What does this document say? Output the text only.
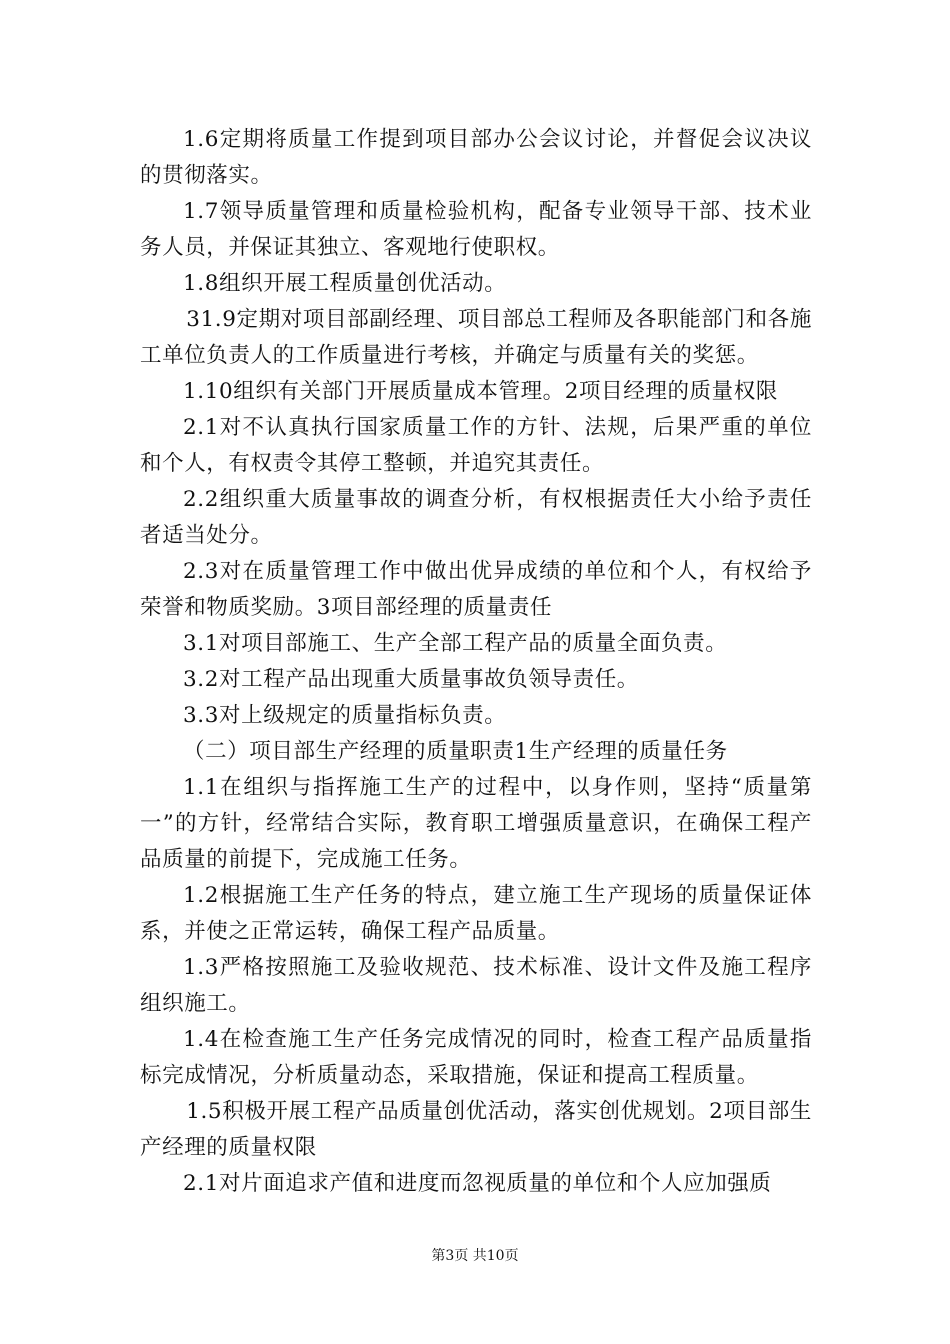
1.6定期将质量工作提到项目部办公会议讨论，并督促会议决议的贯彻落实。

1.7领导质量管理和质量检验机构，配备专业领导干部、技术业务人员，并保证其独立、客观地行使职权。

1.8组织开展工程质量创优活动。

31.9定期对项目部副经理、项目部总工程师及各职能部门和各施工单位负责人的工作质量进行考核，并确定与质量有关的奖惩。

1.10组织有关部门开展质量成本管理。2项目经理的质量权限

2.1对不认真执行国家质量工作的方针、法规，后果严重的单位和个人，有权责令其停工整顿，并追究其责任。

2.2组织重大质量事故的调查分析，有权根据责任大小给予责任者适当处分。

2.3对在质量管理工作中做出优异成绩的单位和个人，有权给予荣誉和物质奖励。3项目部经理的质量责任

3.1对项目部施工、生产全部工程产品的质量全面负责。

3.2对工程产品出现重大质量事故负领导责任。

3.3对上级规定的质量指标负责。

（二）项目部生产经理的质量职责1生产经理的质量任务

1.1在组织与指挥施工生产的过程中，以身作则，坚持“质量第一”的方针，经常结合实际，教育职工增强质量意识，在确保工程产品质量的前提下，完成施工任务。

1.2根据施工生产任务的特点，建立施工生产现场的质量保证体系，并使之正常运转，确保工程产品质量。

1.3严格按照施工及验收规范、技术标准、设计文件及施工程序组织施工。

1.4在检查施工生产任务完成情况的同时，检查工程产品质量指标完成情况，分析质量动态，采取措施，保证和提高工程质量。

1.5积极开展工程产品质量创优活动，落实创优规划。2项目部生产经理的质量权限

2.1对片面追求产值和进度而忽视质量的单位和个人应加强质

第3页 共10页
